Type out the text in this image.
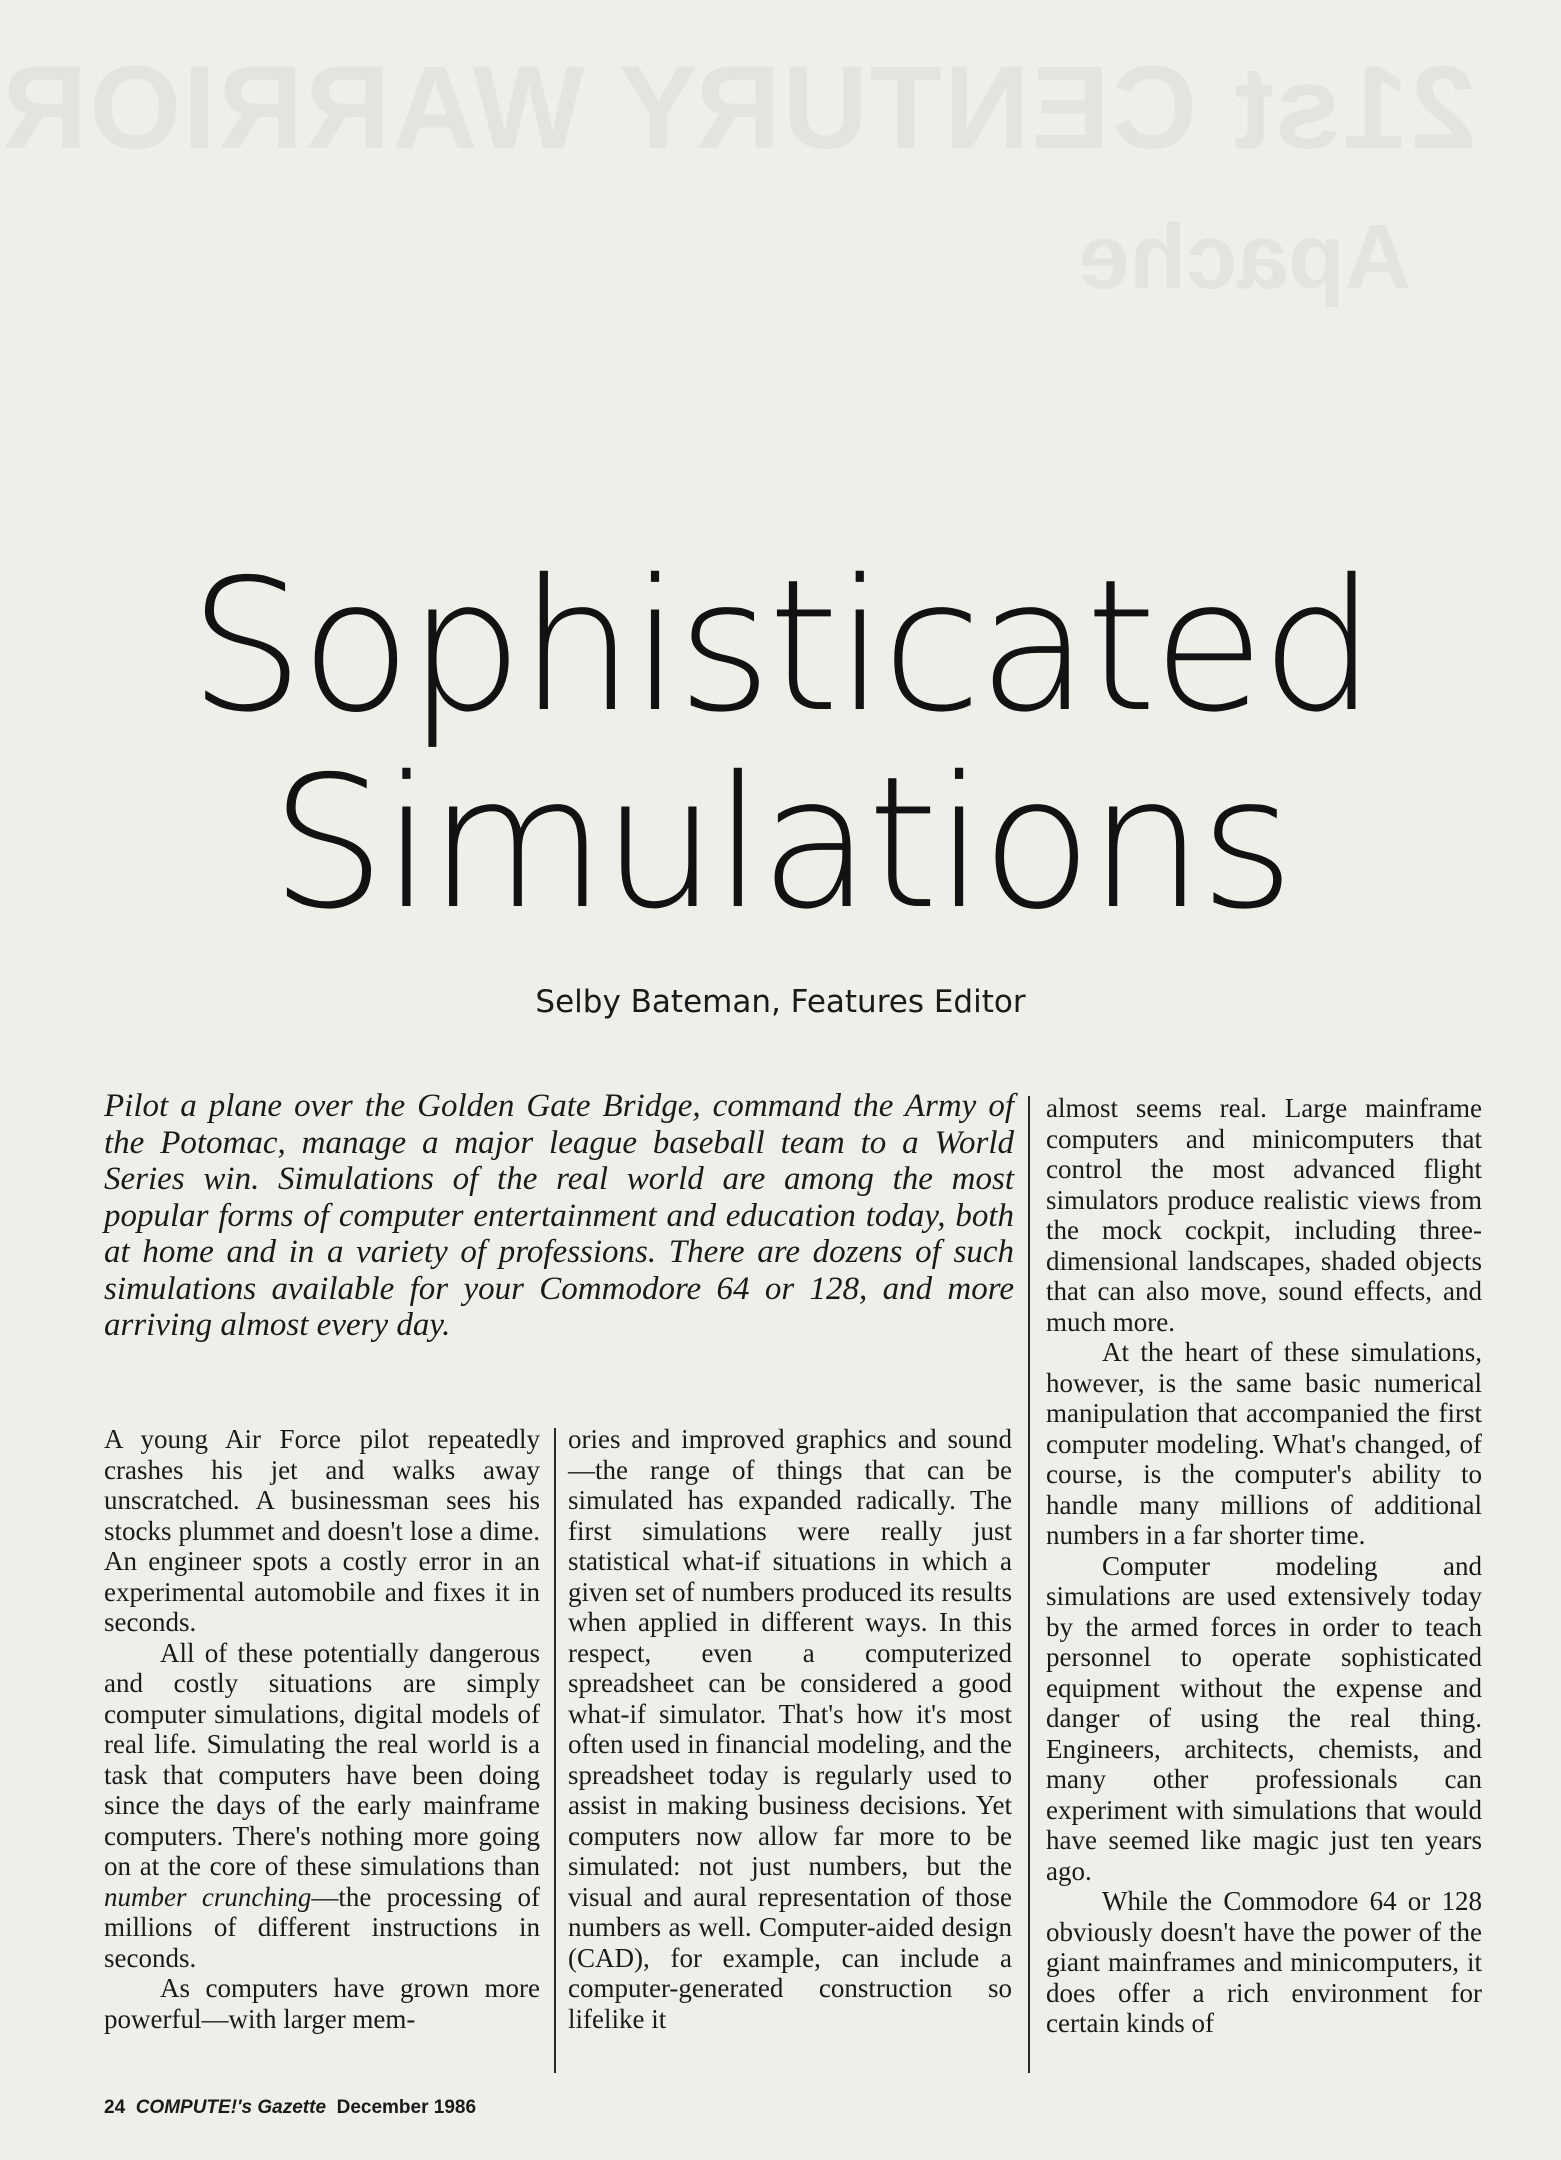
21st CENTURY WARRIOR
Apache
Sophisticated
Simulations
Selby Bateman, Features Editor
Pilot a plane over the Golden Gate Bridge, command the Army of the Potomac, manage a major league baseball team to a World Series win. Simulations of the real world are among the most popular forms of computer entertainment and education today, both at home and in a variety of professions. There are dozens of such simulations available for your Commodore 64 or 128, and more arriving almost every day.

A young Air Force pilot repeatedly crashes his jet and walks away unscratched. A businessman sees his stocks plummet and doesn't lose a dime. An engineer spots a costly error in an experimental automobile and fixes it in seconds.

All of these potentially dangerous and costly situations are simply computer simulations, digital models of real life. Simulating the real world is a task that computers have been doing since the days of the early mainframe computers. There's nothing more going on at the core of these simulations than number crunching—the processing of millions of different instructions in seconds.

As computers have grown more powerful—with larger mem-

ories and improved graphics and sound—the range of things that can be simulated has expanded radically. The first simulations were really just statistical what-if situations in which a given set of numbers produced its results when applied in different ways. In this respect, even a computerized spreadsheet can be considered a good what-if simulator. That's how it's most often used in financial modeling, and the spreadsheet today is regularly used to assist in making business decisions. Yet computers now allow far more to be simulated: not just numbers, but the visual and aural representation of those numbers as well. Computer-aided design (CAD), for example, can include a computer-generated construction so lifelike it

almost seems real. Large mainframe computers and minicomputers that control the most advanced flight simulators produce realistic views from the mock cockpit, including three-dimensional landscapes, shaded objects that can also move, sound effects, and much more.

At the heart of these simulations, however, is the same basic numerical manipulation that accompanied the first computer modeling. What's changed, of course, is the computer's ability to handle many millions of additional numbers in a far shorter time.

Computer modeling and simulations are used extensively today by the armed forces in order to teach personnel to operate sophisticated equipment without the expense and danger of using the real thing. Engineers, architects, chemists, and many other professionals can experiment with simulations that would have seemed like magic just ten years ago.

While the Commodore 64 or 128 obviously doesn't have the power of the giant mainframes and minicomputers, it does offer a rich environment for certain kinds of

24 COMPUTE!'s Gazette December 1986
